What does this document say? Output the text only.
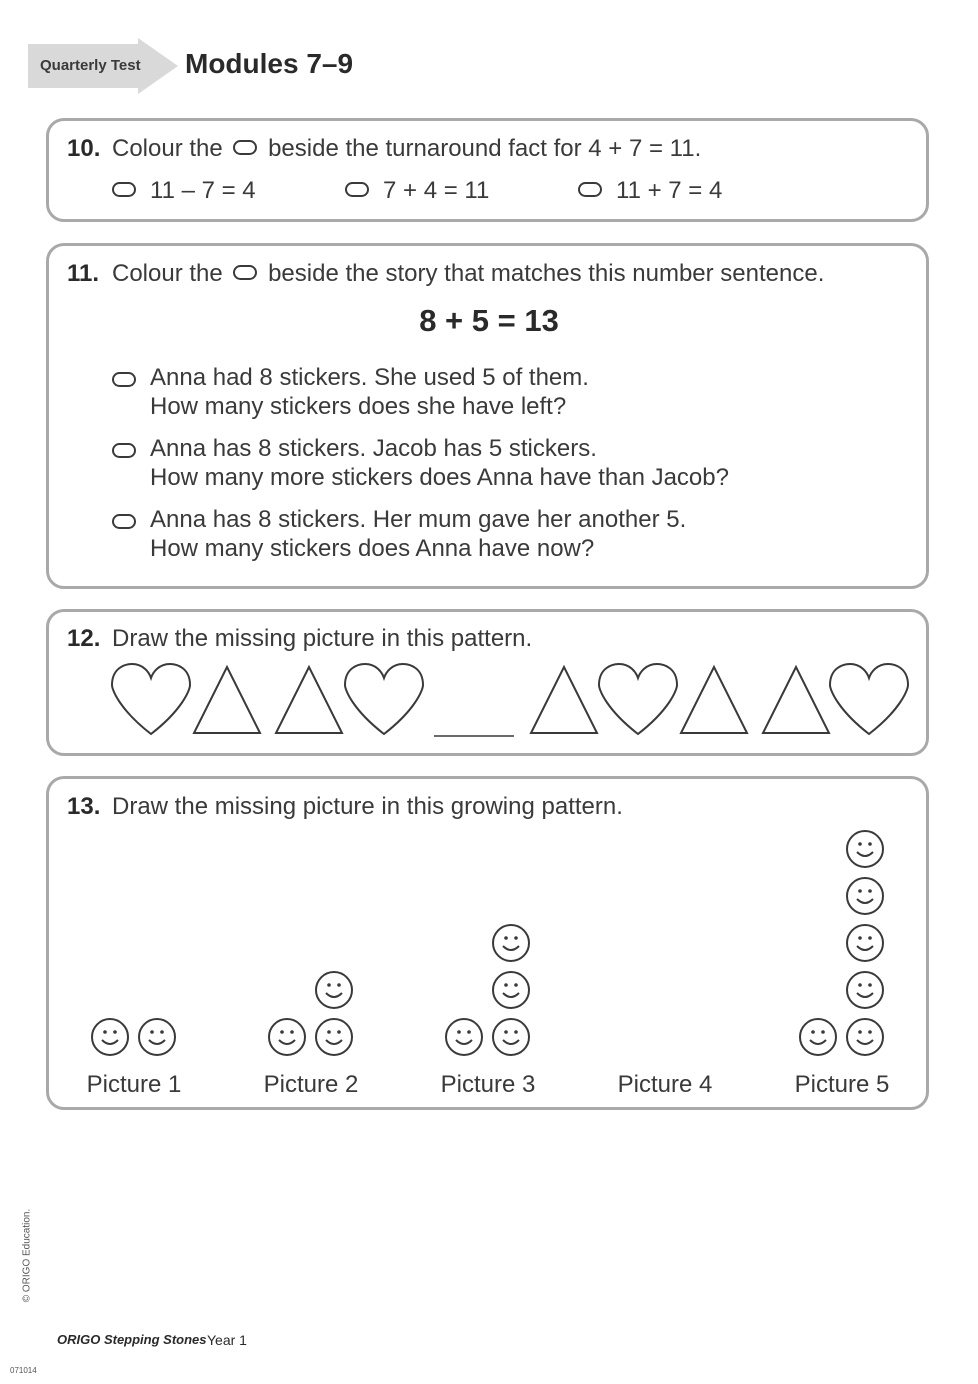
Quarterly Test Modules 7–9
10. Colour the beside the turnaround fact for 4 + 7 = 11.
11 – 7 = 4	7 + 4 = 11	11 + 7 = 4
11. Colour the beside the story that matches this number sentence.
8 + 5 = 13
Anna had 8 stickers. She used 5 of them.
How many stickers does she have left?
Anna has 8 stickers. Jacob has 5 stickers.
How many more stickers does Anna have than Jacob?
Anna has 8 stickers. Her mum gave her another 5.
How many stickers does Anna have now?
12. Draw the missing picture in this pattern.
13. Draw the missing picture in this growing pattern.
Picture 1	Picture 2	Picture 3	Picture 4	Picture 5
© ORIGO Education.
ORIGO Stepping Stones Year 1
071014
